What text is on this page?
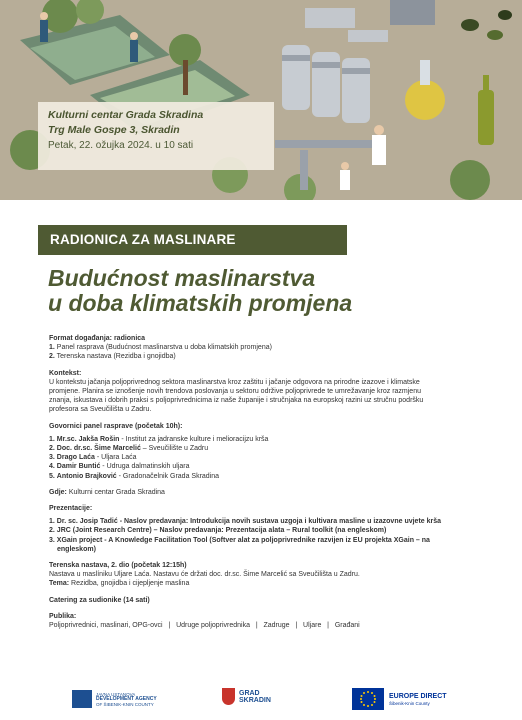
Kulturni centar Grada Skradina
Trg Male Gospe 3, Skradin
Petak, 22. ožujka 2024. u 10 sati
RADIONICA ZA MASLINARE
Budućnost maslinarstva
u doba klimatskih promjena
Format događanja: radionica
1. Panel rasprava (Budućnost maslinarstva u doba klimatskih promjena)
2. Terenska nastava (Rezidba i gnojidba)
Kontekst:
U kontekstu jačanja poljoprivrednog sektora maslinarstva kroz zaštitu i jačanje odgovora na prirodne izazove i klimatske
promjene. Planira se iznošenje novih trendova poslovanja u sektoru održive poljoprivrede te umrežavanje kroz razmjenu
znanja, iskustava i dobrih praksi s poljoprivrednicima iz naše županije i stručnjaka na europskoj razini uz stručnu podršku
profesora sa Sveučilišta u Zadru.
Govornici panel rasprave (početak 10h):
1. Mr.sc. Jakša Rošin - Institut za jadranske kulture i melioracijzu krša
2. Doc. dr.sc. Šime Marcelić – Sveučilište u Zadru
3. Drago Laća - Uljara Laća
4. Damir Buntić - Udruga dalmatinskih uljara
5. Antonio Brajković - Gradonačelnik Grada Skradina
Gdje: Kulturni centar Grada Skradina
Prezentacije:
1. Dr. sc. Josip Tadić - Naslov predavanja: Introdukcija novih sustava uzgoja i kultivara masline u izazovne uvjete krša
2. JRC (Joint Research Centre) – Naslov predavanja: Prezentacija alata – Rural toolkit (na engleskom)
3. XGain project - A Knowledge Facilitation Tool (Softver alat za poljoprivrednike razvijen iz EU projekta XGain – na
engleskom)
Terenska nastava, 2. dio (početak 12:15h)
Nastava u maslíniku Uljare Laća. Nastavu će držati doc. dr.sc. Šime Marcelić sa Sveučilišta u Zadru.
Tema: Rezidba, gnojidba i cijepljenje maslina
Catering za sudionike (14 sati)
Publika:
Poljoprivrednici, maslinari, OPG-ovci   |   Udruge poljoprivrednika   |   Zadruge   |   Uljare   |   Građani
JAVNA USTANOVA
DEVELOPMENT AGENCY
OF ŠIBENIK-KNIN COUNTY
GRAD
SKRADIN
EUROPE DIRECT
Šibenik-Knin County
